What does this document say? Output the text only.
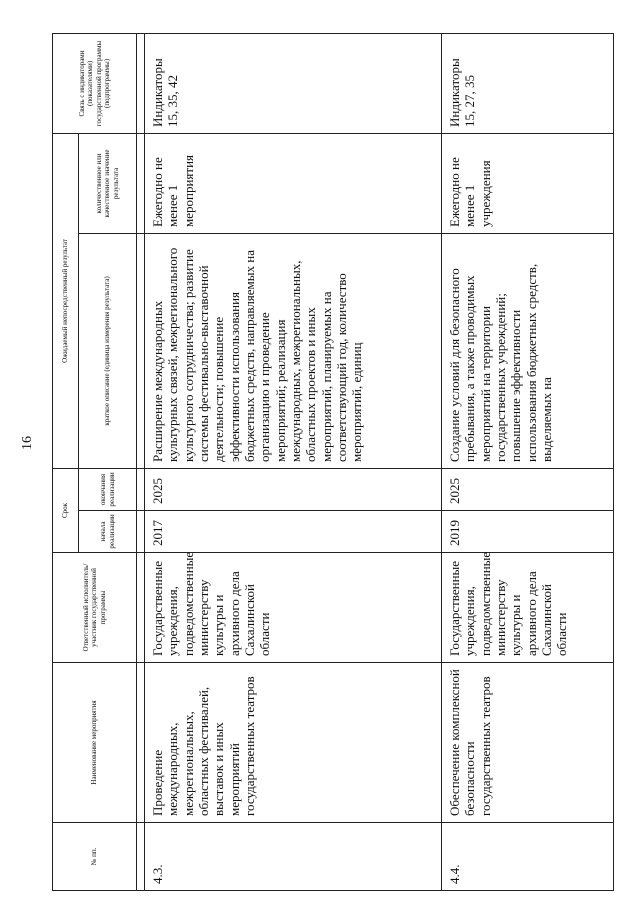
16
№ пп.	Наименование мероприятия	Ответственный исполнитель/участник государственной программы	Срок		Ожидаемый непосредственный результат		Связь с индикаторами (показателями) государственной программы (подпрограммы)
			начала реализации	окончания реализации	краткое описание (единица измерения результата)	количественное или качественное значение результата	

4.3.	Проведение международных, межрегиональных, областных фестивалей, выставок и иных мероприятий государственных театров	Государственные учреждения, подведомственные министерству культуры и архивного дела Сахалинской области	2017	2025	Расширение международных культурных связей, межрегионального культурного сотрудничества; развитие системы фестивально-выставочной деятельности; повышение эффективности использования бюджетных средств, направляемых на организацию и проведение мероприятий; реализация международных, межрегиональных, областных проектов и иных мероприятий, планируемых на соответствующий год, количество мероприятий, единиц	Ежегодно не менее 1 мероприятия	Индикаторы 15, 35, 42
4.4.	Обеспечение комплексной безопасности государственных театров	Государственные учреждения, подведомственные министерству культуры и архивного дела Сахалинской области	2019	2025	Создание условий для безопасного пребывания, а также проводимых мероприятий на территории государственных учреждений; повышение эффективности использования бюджетных средств, выделяемых на	Ежегодно не менее 1 учреждения	Индикаторы 15, 27, 35
